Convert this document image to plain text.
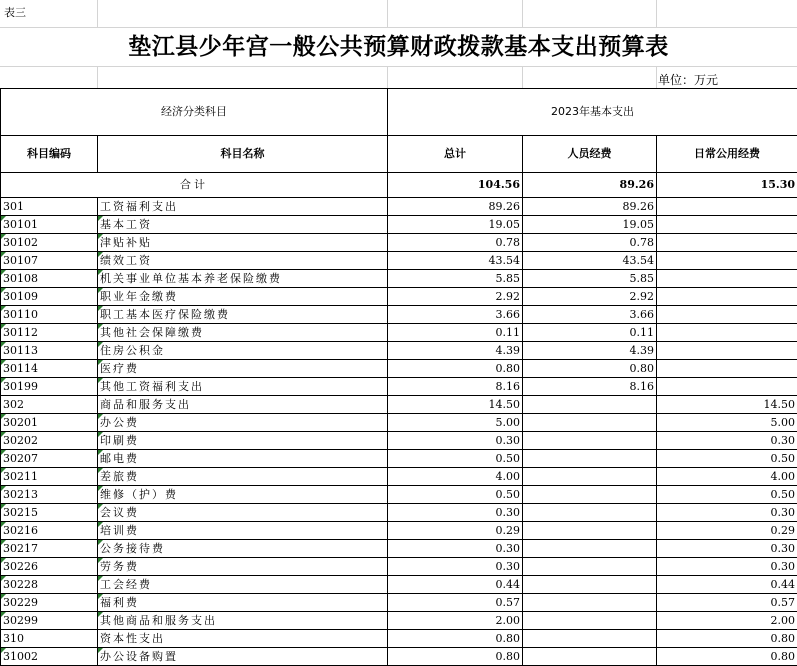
表三
垫江县少年宫一般公共预算财政拨款基本支出预算表
单位：万元
经济分类科目		2023年基本支出		
科目编码	科目名称	总计	人员经费	日常公用经费
合计		104.56	89.26	15.30
301	工资福利支出	89.26	89.26	
30101	基本工资	19.05	19.05	
30102	津贴补贴	0.78	0.78	
30107	绩效工资	43.54	43.54	
30108	机关事业单位基本养老保险缴费	5.85	5.85	
30109	职业年金缴费	2.92	2.92	
30110	职工基本医疗保险缴费	3.66	3.66	
30112	其他社会保障缴费	0.11	0.11	
30113	住房公积金	4.39	4.39	
30114	医疗费	0.80	0.80	
30199	其他工资福利支出	8.16	8.16	
302	商品和服务支出	14.50		14.50
30201	办公费	5.00		5.00
30202	印刷费	0.30		0.30
30207	邮电费	0.50		0.50
30211	差旅费	4.00		4.00
30213	维修（护）费	0.50		0.50
30215	会议费	0.30		0.30
30216	培训费	0.29		0.29
30217	公务接待费	0.30		0.30
30226	劳务费	0.30		0.30
30228	工会经费	0.44		0.44
30229	福利费	0.57		0.57
30299	其他商品和服务支出	2.00		2.00
310	资本性支出	0.80		0.80
31002	办公设备购置	0.80		0.80
